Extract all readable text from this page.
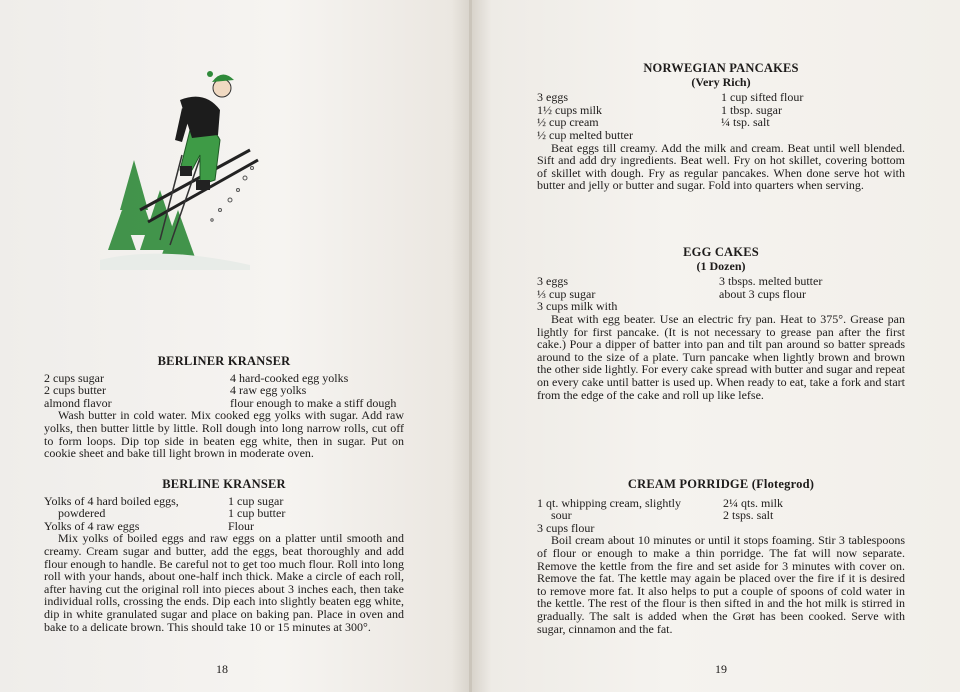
BERLINER KRANSER
2 cups sugar	4 hard-cooked egg yolks
2 cups butter	4 raw egg yolks
almond flavor	flour enough to make a stiff dough

Wash butter in cold water. Mix cooked egg yolks with sugar. Add raw yolks, then butter little by little. Roll dough into long narrow rolls, cut off to form loops. Dip top side in beaten egg white, then in sugar. Put on cookie sheet and bake till light brown in moderate oven.

BERLINE KRANSER
Yolks of 4 hard boiled eggs,	1 cup sugar
powdered	1 cup butter
Yolks of 4 raw eggs	Flour

Mix yolks of boiled eggs and raw eggs on a platter until smooth and creamy. Cream sugar and butter, add the eggs, beat thoroughly and add flour enough to handle. Be careful not to get too much flour. Roll into long roll with your hands, about one-half inch thick. Make a circle of each roll, after having cut the original roll into pieces about 3 inches each, then take individual rolls, crossing the ends. Dip each into slightly beaten egg white, dip in white granulated sugar and place on baking pan. Place in oven and bake to a delicate brown. This should take 10 or 15 minutes at 300°.

18
NORWEGIAN PANCAKES
(Very Rich)
3 eggs	1 cup sifted flour
1½ cups milk	1 tbsp. sugar
½ cup cream	¼ tsp. salt
½ cup melted butter

Beat eggs till creamy. Add the milk and cream. Beat until well blended. Sift and add dry ingredients. Beat well. Fry on hot skillet, covering bottom of skillet with dough. Fry as regular pancakes. When done serve hot with butter and jelly or butter and sugar. Fold into quarters when serving.

EGG CAKES
(1 Dozen)
3 eggs	3 tbsps. melted butter
⅓ cup sugar	about 3 cups flour
3 cups milk with

Beat with egg beater. Use an electric fry pan. Heat to 375°. Grease pan lightly for first pancake. (It is not necessary to grease pan after the first cake.) Pour a dipper of batter into pan and tilt pan around so batter spreads around to the size of a plate. Turn pancake when lightly brown and brown the other side lightly. For every cake spread with butter and sugar and repeat on every cake until batter is used up. When ready to eat, take a fork and start from the edge of the cake and roll up like lefse.

CREAM PORRIDGE (Flotegrod)
1 qt. whipping cream, slightly	2¼ qts. milk
sour	2 tsps. salt
3 cups flour

Boil cream about 10 minutes or until it stops foaming. Stir 3 tablespoons of flour or enough to make a thin porridge. The fat will now separate. Remove the kettle from the fire and set aside for 3 minutes with cover on. Remove the fat. The kettle may again be placed over the fire if it is desired to remove more fat. It also helps to put a couple of spoons of cold water in the kettle. The rest of the flour is then sifted in and the hot milk is stirred in gradually. The salt is added when the Grøt has been cooked. Serve with sugar, cinnamon and the fat.

19
